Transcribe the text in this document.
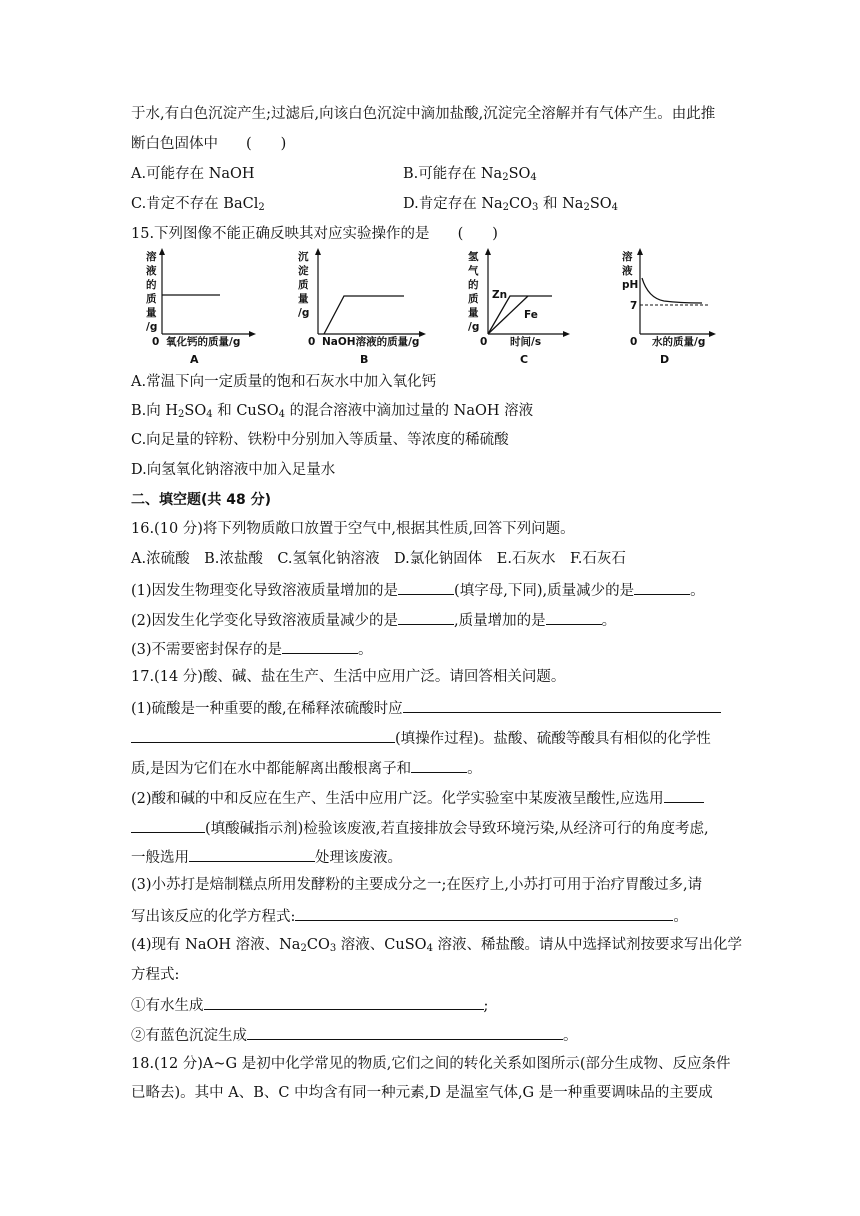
于水,有白色沉淀产生;过滤后,向该白色沉淀中滴加盐酸,沉淀完全溶解并有气体产生。由此推
断白色固体中 (　　)
A.可能存在 NaOH	B.可能存在 $Na_2SO_4$
C.肯定不存在 BaCl$_2$	D.肯定存在 $Na_2CO_3$ 和 $Na_2SO_4$
15.下列图像不能正确反映其对应实验操作的是 (　　)
溶
液
的
质
量
/g
0 氧化钙的质量/g
A
沉
淀
质
量
/g
0 NaOH溶液的质量/g
B
氢
气
的
质
量
/g
Zn
Fe
0 时间/s
C
溶
液
pH
7
0 水的质量/g
D
A.常温下向一定质量的饱和石灰水中加入氧化钙
B.向 $H_2SO_4$ 和 CuSO$_4$ 的混合溶液中滴加过量的 NaOH 溶液
C.向足量的锌粉、铁粉中分别加入等质量、等浓度的稀硫酸
D.向氢氧化钠溶液中加入足量水
二、填空题(共 48 分)
16.(10 分)将下列物质敞口放置于空气中,根据其性质,回答下列问题。
A.浓硫酸　B.浓盐酸　C.氢氧化钠溶液　D.氯化钠固体　E.石灰水　F.石灰石
(1)因发生物理变化导致溶液质量增加的是	(填字母,下同),质量减少的是	。
(2)因发生化学变化导致溶液质量减少的是	,质量增加的是	。
(3)不需要密封保存的是	。
17.(14 分)酸、碱、盐在生产、生活中应用广泛。请回答相关问题。
(1)硫酸是一种重要的酸,在稀释浓硫酸时应
(填操作过程)。盐酸、硫酸等酸具有相似的化学性
质,是因为它们在水中都能解离出酸根离子和	。
(2)酸和碱的中和反应在生产、生活中应用广泛。化学实验室中某废液呈酸性,应选用
(填酸碱指示剂)检验该废液,若直接排放会导致环境污染,从经济可行的角度考虑,
一般选用	处理该废液。
(3)小苏打是焙制糕点所用发酵粉的主要成分之一;在医疗上,小苏打可用于治疗胃酸过多,请
写出该反应的化学方程式:	。
(4)现有 NaOH 溶液、$Na_2CO_3$ 溶液、CuSO$_4$ 溶液、稀盐酸。请从中选择试剂按要求写出化学
方程式:
①有水生成	;
②有蓝色沉淀生成	。
18.(12 分)A~G 是初中化学常见的物质,它们之间的转化关系如图所示(部分生成物、反应条件
已略去)。其中 A、B、C 中均含有同一种元素,D 是温室气体,G 是一种重要调味品的主要成
